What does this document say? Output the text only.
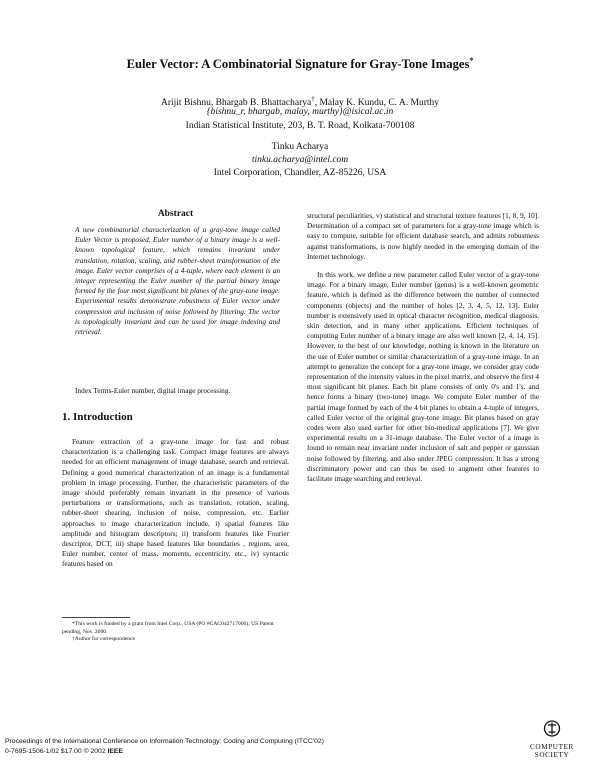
Euler Vector: A Combinatorial Signature for Gray-Tone Images*
Arijit Bishnu, Bhargab B. Bhattacharya†, Malay K. Kundu, C. A. Murthy
{bishnu_r, bhargab, malay, murthy}@isical.ac.in
Indian Statistical Institute, 203, B. T. Road, Kolkata-700108
Tinku Acharya
tinku.acharya@intel.com
Intel Corporation, Chandler, AZ-85226, USA
Abstract
A new combinatorial characterization of a gray-tone image called Euler Vector is proposed. Euler number of a binary image is a well-known topological feature, which remains invariant under translation, rotation, scaling, and rubber-sheet transformation of the image. Euler vector comprises of a 4-tuple, where each element is an integer representing the Euler number of the partial binary image formed by the four most significant bit planes of the gray-tone image. Experimental results demonstrate robustness of Euler vector under compression and inclusion of noise followed by filtering. The vector is topologically invariant and can be used for image indexing and retrieval.
Index Terms-Euler number, digital image processing.
1. Introduction

Feature extraction of a gray-tone image for fast and robust characterization is a challenging task. Compact image features are always needed for an efficient management of image database, search and retrieval. Defining a good numerical characterization of an image is a fundamental problem in image processing. Further, the characteristic parameters of the image should preferably remain invariant in the presence of various perturbations or transformations, such as translation, rotation, scaling, rubber-sheet shearing, inclusion of noise, compression, etc. Earlier approaches to image characterization include, i) spatial features like amplitude and histogram descriptors; ii) transform features like Fourier descriptor, DCT, iii) shape based features like boundaries , regions, area, Euler number, center of mass, moments, eccentricity, etc., iv) syntactic features based on

*This work is funded by a grant from Intel Corp., USA (PO #CAC042717000); US Patent pending, Nov. 2000.

†Author for correspondence

structural peculiarities, v) statistical and structural texture features [1, 8, 9, 10]. Determination of a compact set of parameters for a gray-tone image which is easy to compute, suitable for efficient database search, and admits robustness against transformations, is now highly needed in the emerging domain of the Internet technology.

In this work, we define a new parameter called Euler vector of a gray-tone image. For a binary image, Euler number (genus) is a well-known geometric feature, which is defined as the difference between the number of connected components (objects) and the number of holes [2, 3, 4, 5, 12, 13]. Euler number is extensively used in optical character recognition, medical diagnosis, skin detection, and in many other applications. Efficient techniques of computing Euler number of a binary image are also well known [2, 4, 14, 15]. However, to the best of our knowledge, nothing is known in the literature on the use of Euler number or similar characterization of a gray-tone image. In an attempt to generalize the concept for a gray-tone image, we consider gray code representation of the intensity values in the pixel matrix, and observe the first 4 most significant bit planes. Each bit plane consists of only 0's and 1's, and hence forms a binary (two-tone) image. We compute Euler number of the partial image formed by each of the 4 bit planes to obtain a 4-tuple of integers, called Euler vector of the original gray-tone image. Bit planes based on gray codes were also used earlier for other bio-medical applications [7]. We give experimental results on a 31-image database. The Euler vector of a image is found to remain near invariant under inclusion of salt and pepper or gaussian noise followed by filtering, and also under JPEG compression. It has a strong discriminatory power and can thus be used to augment other features to facilitate image searching and retrieval.

Proceedings of the International Conference on Information Technology: Coding and Computing (ITCC'02)
0-7695-1506-1/02 $17.00 © 2002 IEEE
COMPUTER
SOCIETY
